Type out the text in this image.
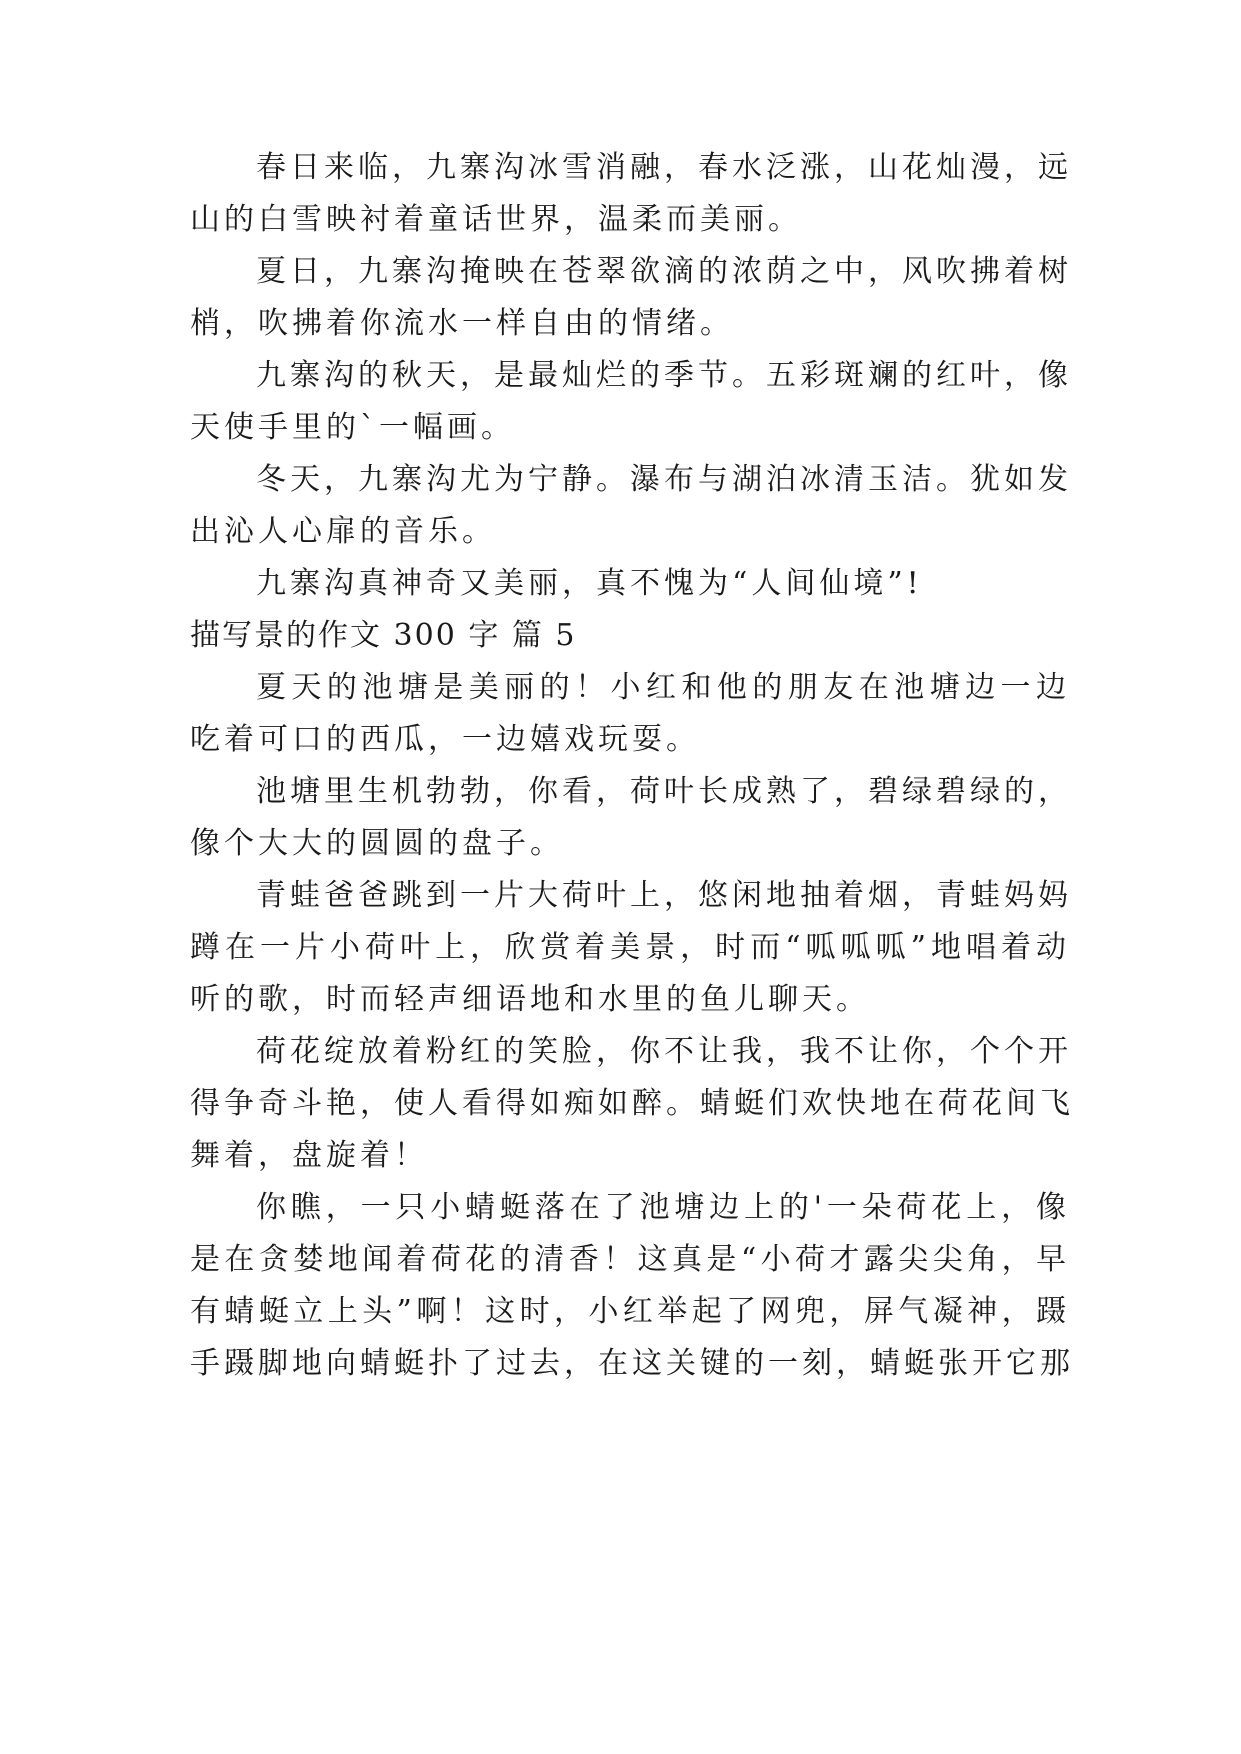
春日来临，九寨沟冰雪消融，春水泛涨，山花灿漫，远
山的白雪映衬着童话世界，温柔而美丽。
夏日，九寨沟掩映在苍翠欲滴的浓荫之中，风吹拂着树
梢，吹拂着你流水一样自由的情绪。
九寨沟的秋天，是最灿烂的季节。五彩斑斓的红叶，像
天使手里的`一幅画。
冬天，九寨沟尤为宁静。瀑布与湖泊冰清玉洁。犹如发
出沁人心扉的音乐。
九寨沟真神奇又美丽，真不愧为“人间仙境”!
描写景的作文 300 字 篇 5
夏天的池塘是美丽的！小红和他的朋友在池塘边一边
吃着可口的西瓜，一边嬉戏玩耍。
池塘里生机勃勃，你看，荷叶长成熟了，碧绿碧绿的，
像个大大的圆圆的盘子。
青蛙爸爸跳到一片大荷叶上，悠闲地抽着烟，青蛙妈妈
蹲在一片小荷叶上，欣赏着美景，时而“呱呱呱”地唱着动
听的歌，时而轻声细语地和水里的鱼儿聊天。
荷花绽放着粉红的笑脸，你不让我，我不让你，个个开
得争奇斗艳，使人看得如痴如醉。蜻蜓们欢快地在荷花间飞
舞着，盘旋着！
你瞧，一只小蜻蜓落在了池塘边上的'一朵荷花上，像
是在贪婪地闻着荷花的清香！这真是“小荷才露尖尖角，早
有蜻蜓立上头”啊！这时，小红举起了网兜，屏气凝神，蹑
手蹑脚地向蜻蜓扑了过去，在这关键的一刻，蜻蜓张开它那
